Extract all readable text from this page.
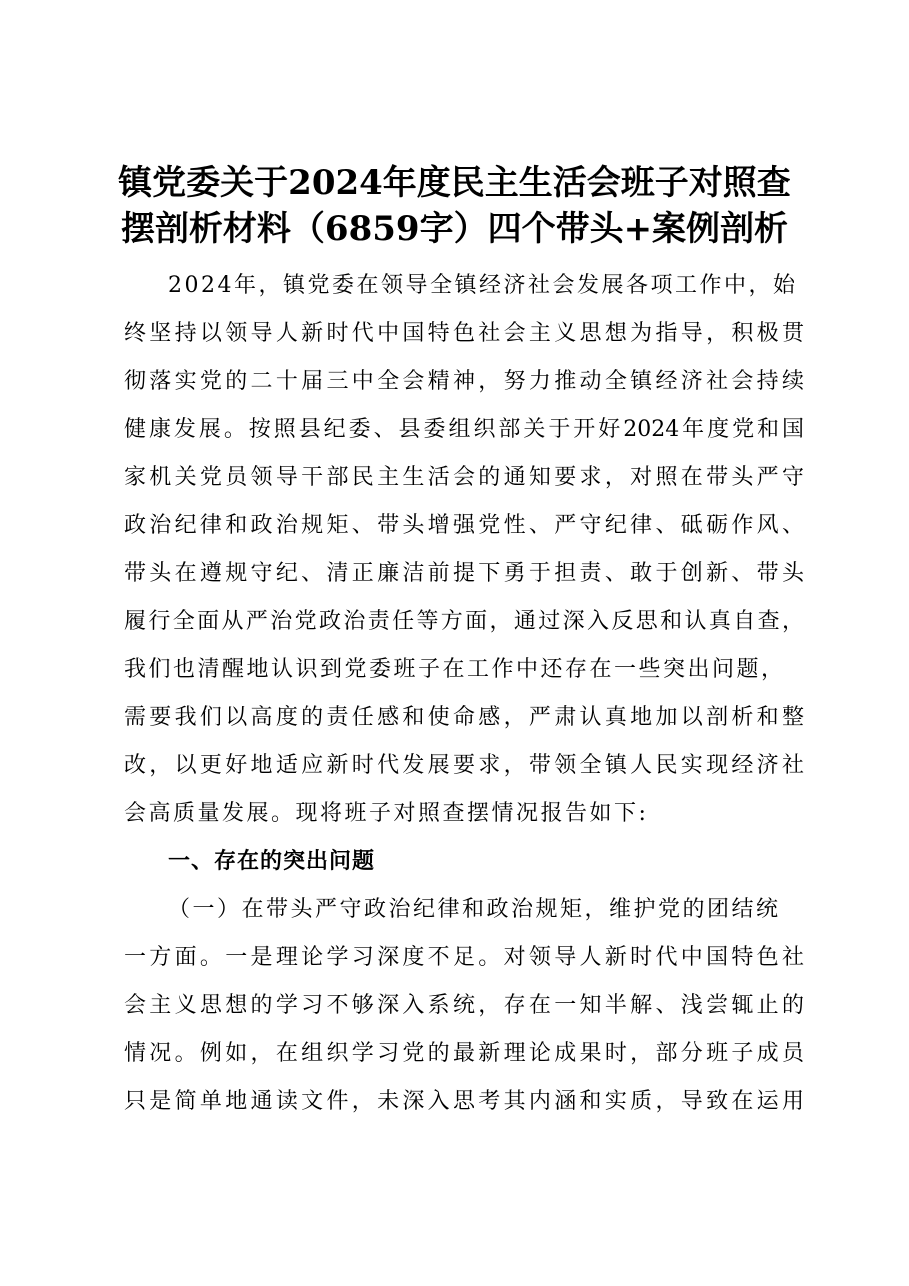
镇党委关于2024年度民主生活会班子对照查
摆剖析材料（6859字）四个带头+案例剖析
2024年，镇党委在领导全镇经济社会发展各项工作中，始
终坚持以领导人新时代中国特色社会主义思想为指导，积极贯
彻落实党的二十届三中全会精神，努力推动全镇经济社会持续
健康发展。按照县纪委、县委组织部关于开好2024年度党和国
家机关党员领导干部民主生活会的通知要求，对照在带头严守
政治纪律和政治规矩、带头增强党性、严守纪律、砥砺作风、
带头在遵规守纪、清正廉洁前提下勇于担责、敢于创新、带头
履行全面从严治党政治责任等方面，通过深入反思和认真自查，
我们也清醒地认识到党委班子在工作中还存在一些突出问题，
需要我们以高度的责任感和使命感，严肃认真地加以剖析和整
改，以更好地适应新时代发展要求，带领全镇人民实现经济社
会高质量发展。现将班子对照查摆情况报告如下:
一、存在的突出问题
（一）在带头严守政治纪律和政治规矩，维护党的团结统
一方面。一是理论学习深度不足。对领导人新时代中国特色社
会主义思想的学习不够深入系统，存在一知半解、浅尝辄止的
情况。例如，在组织学习党的最新理论成果时，部分班子成员
只是简单地通读文件，未深入思考其内涵和实质，导致在运用
